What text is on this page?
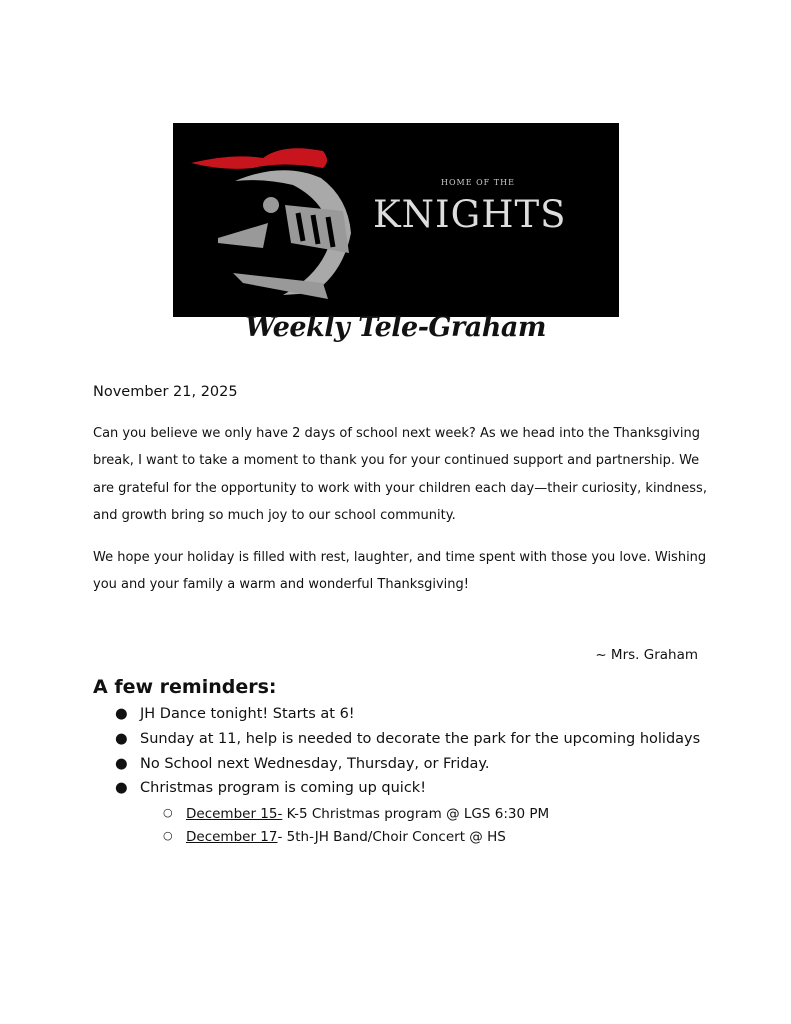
HOME OF THE
KNIGHTS
Weekly Tele-Graham
November 21, 2025
Can you believe we only have 2 days of school next week? As we head into the Thanksgiving break, I want to take a moment to thank you for your continued support and partnership. We are grateful for the opportunity to work with your children each day—their curiosity, kindness, and growth bring so much joy to our school community.
We hope your holiday is filled with rest, laughter, and time spent with those you love. Wishing you and your family a warm and wonderful Thanksgiving!
~ Mrs. Graham
A few reminders:
● JH Dance tonight! Starts at 6!
● Sunday at 11, help is needed to decorate the park for the upcoming holidays
● No School next Wednesday, Thursday, or Friday.
● Christmas program is coming up quick!
○ December 15- K-5 Christmas program @ LGS 6:30 PM
○ December 17- 5th-JH Band/Choir Concert @ HS
